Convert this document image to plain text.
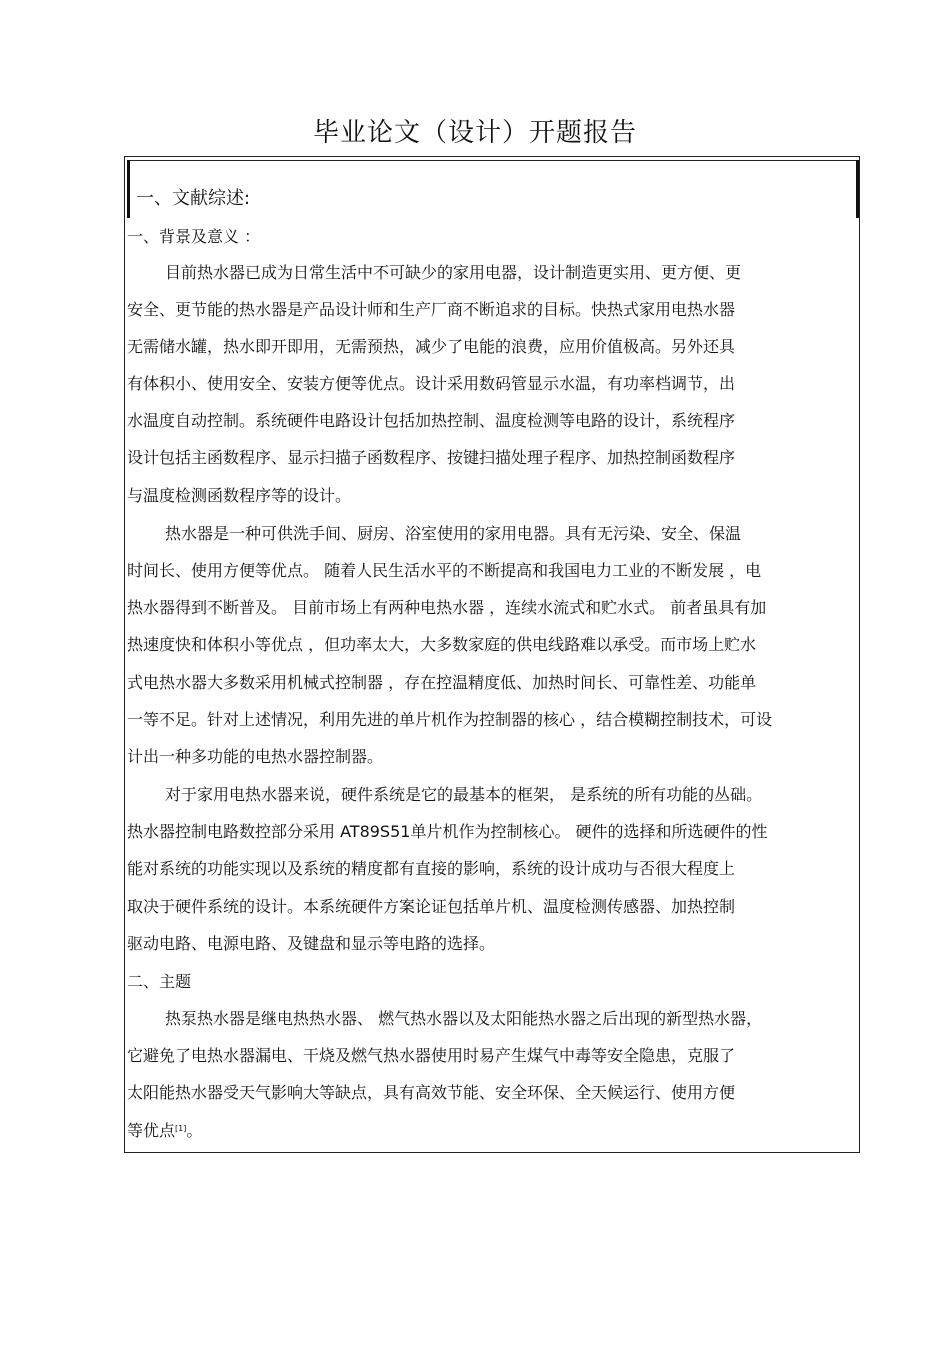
毕业论文（设计）开题报告
一、文献综述:
一、背景及意义 ：
目前热水器已成为日常生活中不可缺少的家用电器，设计制造更实用、更方便、更
安全、更节能的热水器是产品设计师和生产厂商不断追求的目标。快热式家用电热水器
无需储水罐，热水即开即用，无需预热，减少了电能的浪费，应用价值极高。另外还具
有体积小、使用安全、安装方便等优点。设计采用数码管显示水温，有功率档调节，出
水温度自动控制。系统硬件电路设计包括加热控制、温度检测等电路的设计，系统程序
设计包括主函数程序、显示扫描子函数程序、按键扫描处理子程序、加热控制函数程序
与温度检测函数程序等的设计。
热水器是一种可供洗手间、厨房、浴室使用的家用电器。具有无污染、安全、保温
时间长、使用方便等优点。 随着人民生活水平的不断提高和我国电力工业的不断发展 ，电
热水器得到不断普及。 目前市场上有两种电热水器 ，连续水流式和贮水式。 前者虽具有加
热速度快和体积小等优点 ，但功率太大，大多数家庭的供电线路难以承受。而市场上贮水
式电热水器大多数采用机械式控制器 ，存在控温精度低、加热时间长、可靠性差、功能单
一等不足。针对上述情况，利用先进的单片机作为控制器的核心 ，结合模糊控制技术，可设
计出一种多功能的电热水器控制器。
对于家用电热水器来说，硬件系统是它的最基本的框架， 是系统的所有功能的丛础。
热水器控制电路数控部分采用 AT89S51单片机作为控制核心。 硬件的选择和所选硬件的性
能对系统的功能实现以及系统的精度都有直接的影响，系统的设计成功与否很大程度上
取决于硬件系统的设计。本系统硬件方案论证包括单片机、温度检测传感器、加热控制
驱动电路、电源电路、及键盘和显示等电路的选择。
二、主题
热泵热水器是继电热热水器、 燃气热水器以及太阳能热水器之后出现的新型热水器，
它避免了电热水器漏电、干烧及燃气热水器使用时易产生煤气中毒等安全隐患，克服了
太阳能热水器受天气影响大等缺点，具有高效节能、安全环保、全天候运行、使用方便
等优点[1]。
